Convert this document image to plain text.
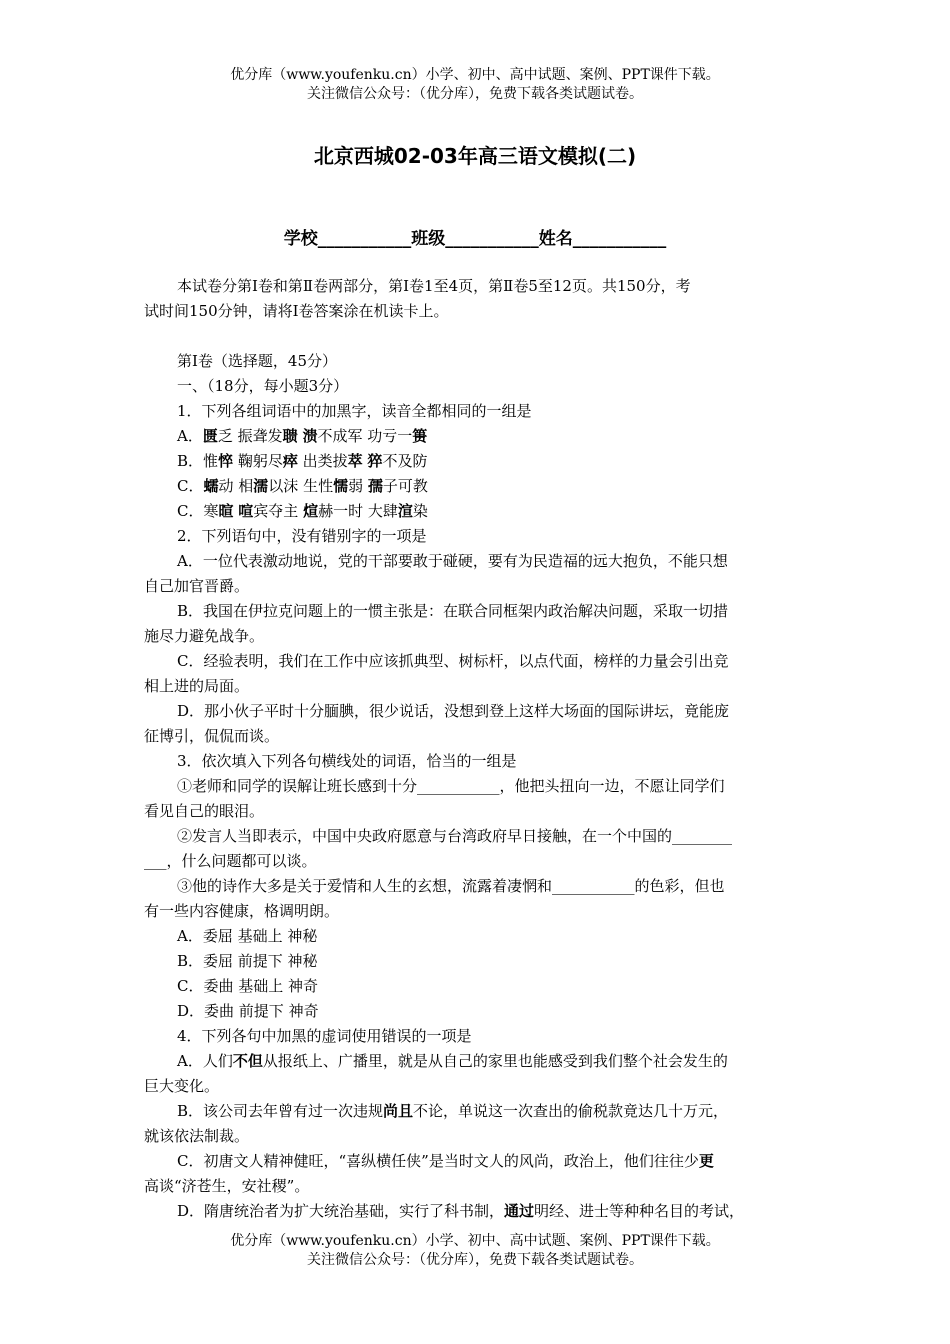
优分库（www.youfenku.cn）小学、初中、高中试题、案例、PPT课件下载。
关注微信公众号：（优分库），免费下载各类试题试卷。
北京西城02-03年高三语文模拟(二)
学校___________班级___________姓名___________
本试卷分第Ⅰ卷和第Ⅱ卷两部分，第Ⅰ卷1至4页，第Ⅱ卷5至12页。共150分，考
试时间150分钟，请将Ⅰ卷答案涂在机读卡上。
第Ⅰ卷（选择题，45分）
一、（18分，每小题3分）
1．下列各组词语中的加黑字，读音全都相同的一组是
A．匮乏 振聋发聩 溃不成军 功亏一篑
B．惟悴 鞠躬尽瘁 出类拔萃 猝不及防
C．蠕动 相濡以沫 生性懦弱 孺子可教
C．寒暄 喧宾夺主 煊赫一时 大肆渲染
2．下列语句中，没有错别字的一项是
A．一位代表激动地说，党的干部要敢于碰硬，要有为民造福的远大抱负，不能只想
自己加官晋爵。
B．我国在伊拉克问题上的一惯主张是：在联合同框架内政治解决问题，采取一切措
施尽力避免战争。
C．经验表明，我们在工作中应该抓典型、树标杆，以点代面，榜样的力量会引出竞
相上进的局面。
D．那小伙子平时十分腼腆，很少说话，没想到登上这样大场面的国际讲坛，竟能庞
征博引，侃侃而谈。
3．依次填入下列各句横线处的词语，恰当的一组是
①老师和同学的误解让班长感到十分___________，他把头扭向一边，不愿让同学们
看见自己的眼泪。
②发言人当即表示，中国中央政府愿意与台湾政府早日接触，在一个中国的________
___，什么问题都可以谈。
③他的诗作大多是关于爱情和人生的玄想，流露着凄惘和___________的色彩，但也
有一些内容健康，格调明朗。
A．委屈 基础上 神秘
B．委屈 前提下 神秘
C．委曲 基础上 神奇
D．委曲 前提下 神奇
4．下列各句中加黑的虚词使用错误的一项是
A．人们不但从报纸上、广播里，就是从自己的家里也能感受到我们整个社会发生的
巨大变化。
B．该公司去年曾有过一次违规尚且不论，单说这一次查出的偷税款竟达几十万元，
就该依法制裁。
C．初唐文人精神健旺，“喜纵横任侠”是当时文人的风尚，政治上，他们往往少更
高谈“济苍生，安社稷”。
D．隋唐统治者为扩大统治基础，实行了科书制，通过明经、进士等种种名目的考试，
优分库（www.youfenku.cn）小学、初中、高中试题、案例、PPT课件下载。
关注微信公众号：（优分库），免费下载各类试题试卷。
